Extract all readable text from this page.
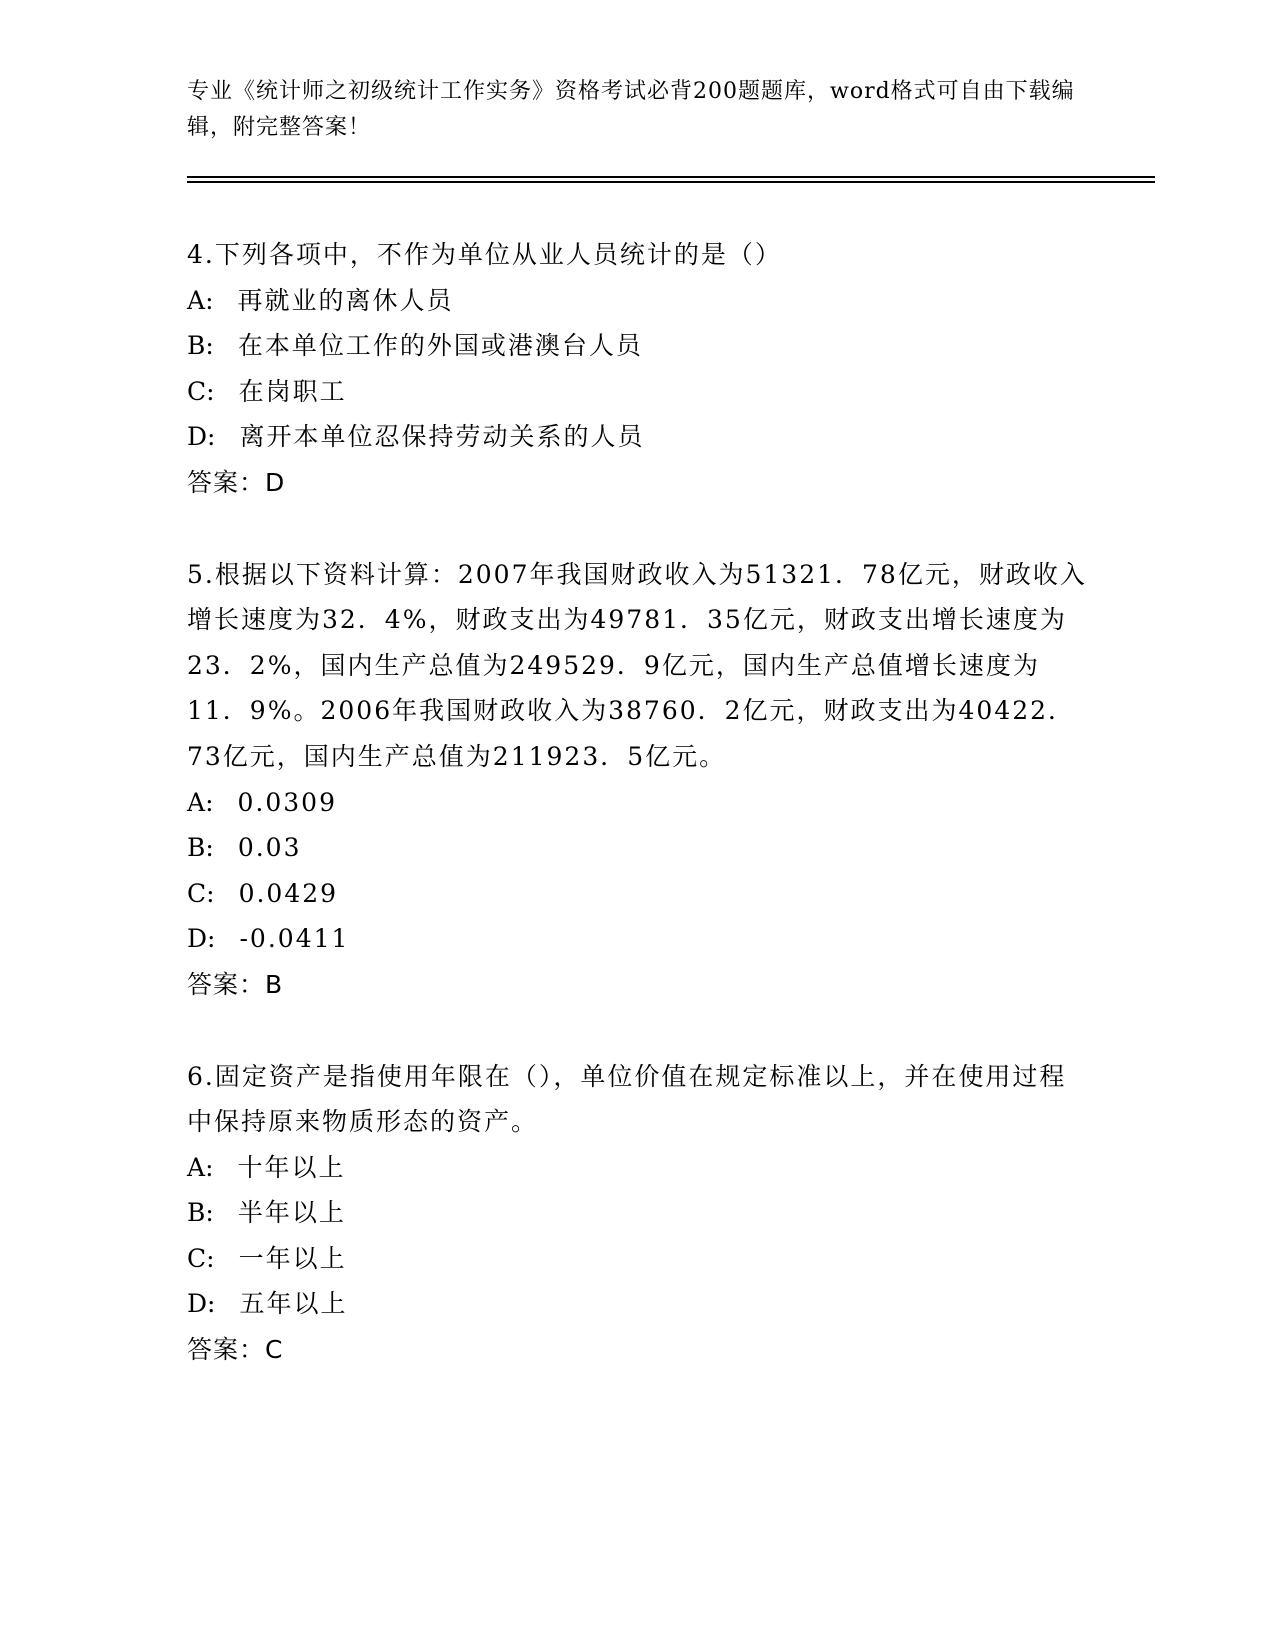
专业《统计师之初级统计工作实务》资格考试必背200题题库，word格式可自由下载编辑，附完整答案！
4.下列各项中，不作为单位从业人员统计的是（）
A: 再就业的离休人员
B: 在本单位工作的外国或港澳台人员
C: 在岗职工
D: 离开本单位忍保持劳动关系的人员
答案：D
5.根据以下资料计算：2007年我国财政收入为51321．78亿元，财政收入增长速度为32．4%，财政支出为49781．35亿元，财政支出增长速度为23．2%，国内生产总值为249529．9亿元，国内生产总值增长速度为11．9%。2006年我国财政收入为38760．2亿元，财政支出为40422．73亿元，国内生产总值为211923．5亿元。
A: 0.0309
B: 0.03
C: 0.0429
D: -0.0411
答案：B
6.固定资产是指使用年限在（），单位价值在规定标准以上，并在使用过程中保持原来物质形态的资产。
A: 十年以上
B: 半年以上
C: 一年以上
D: 五年以上
答案：C
